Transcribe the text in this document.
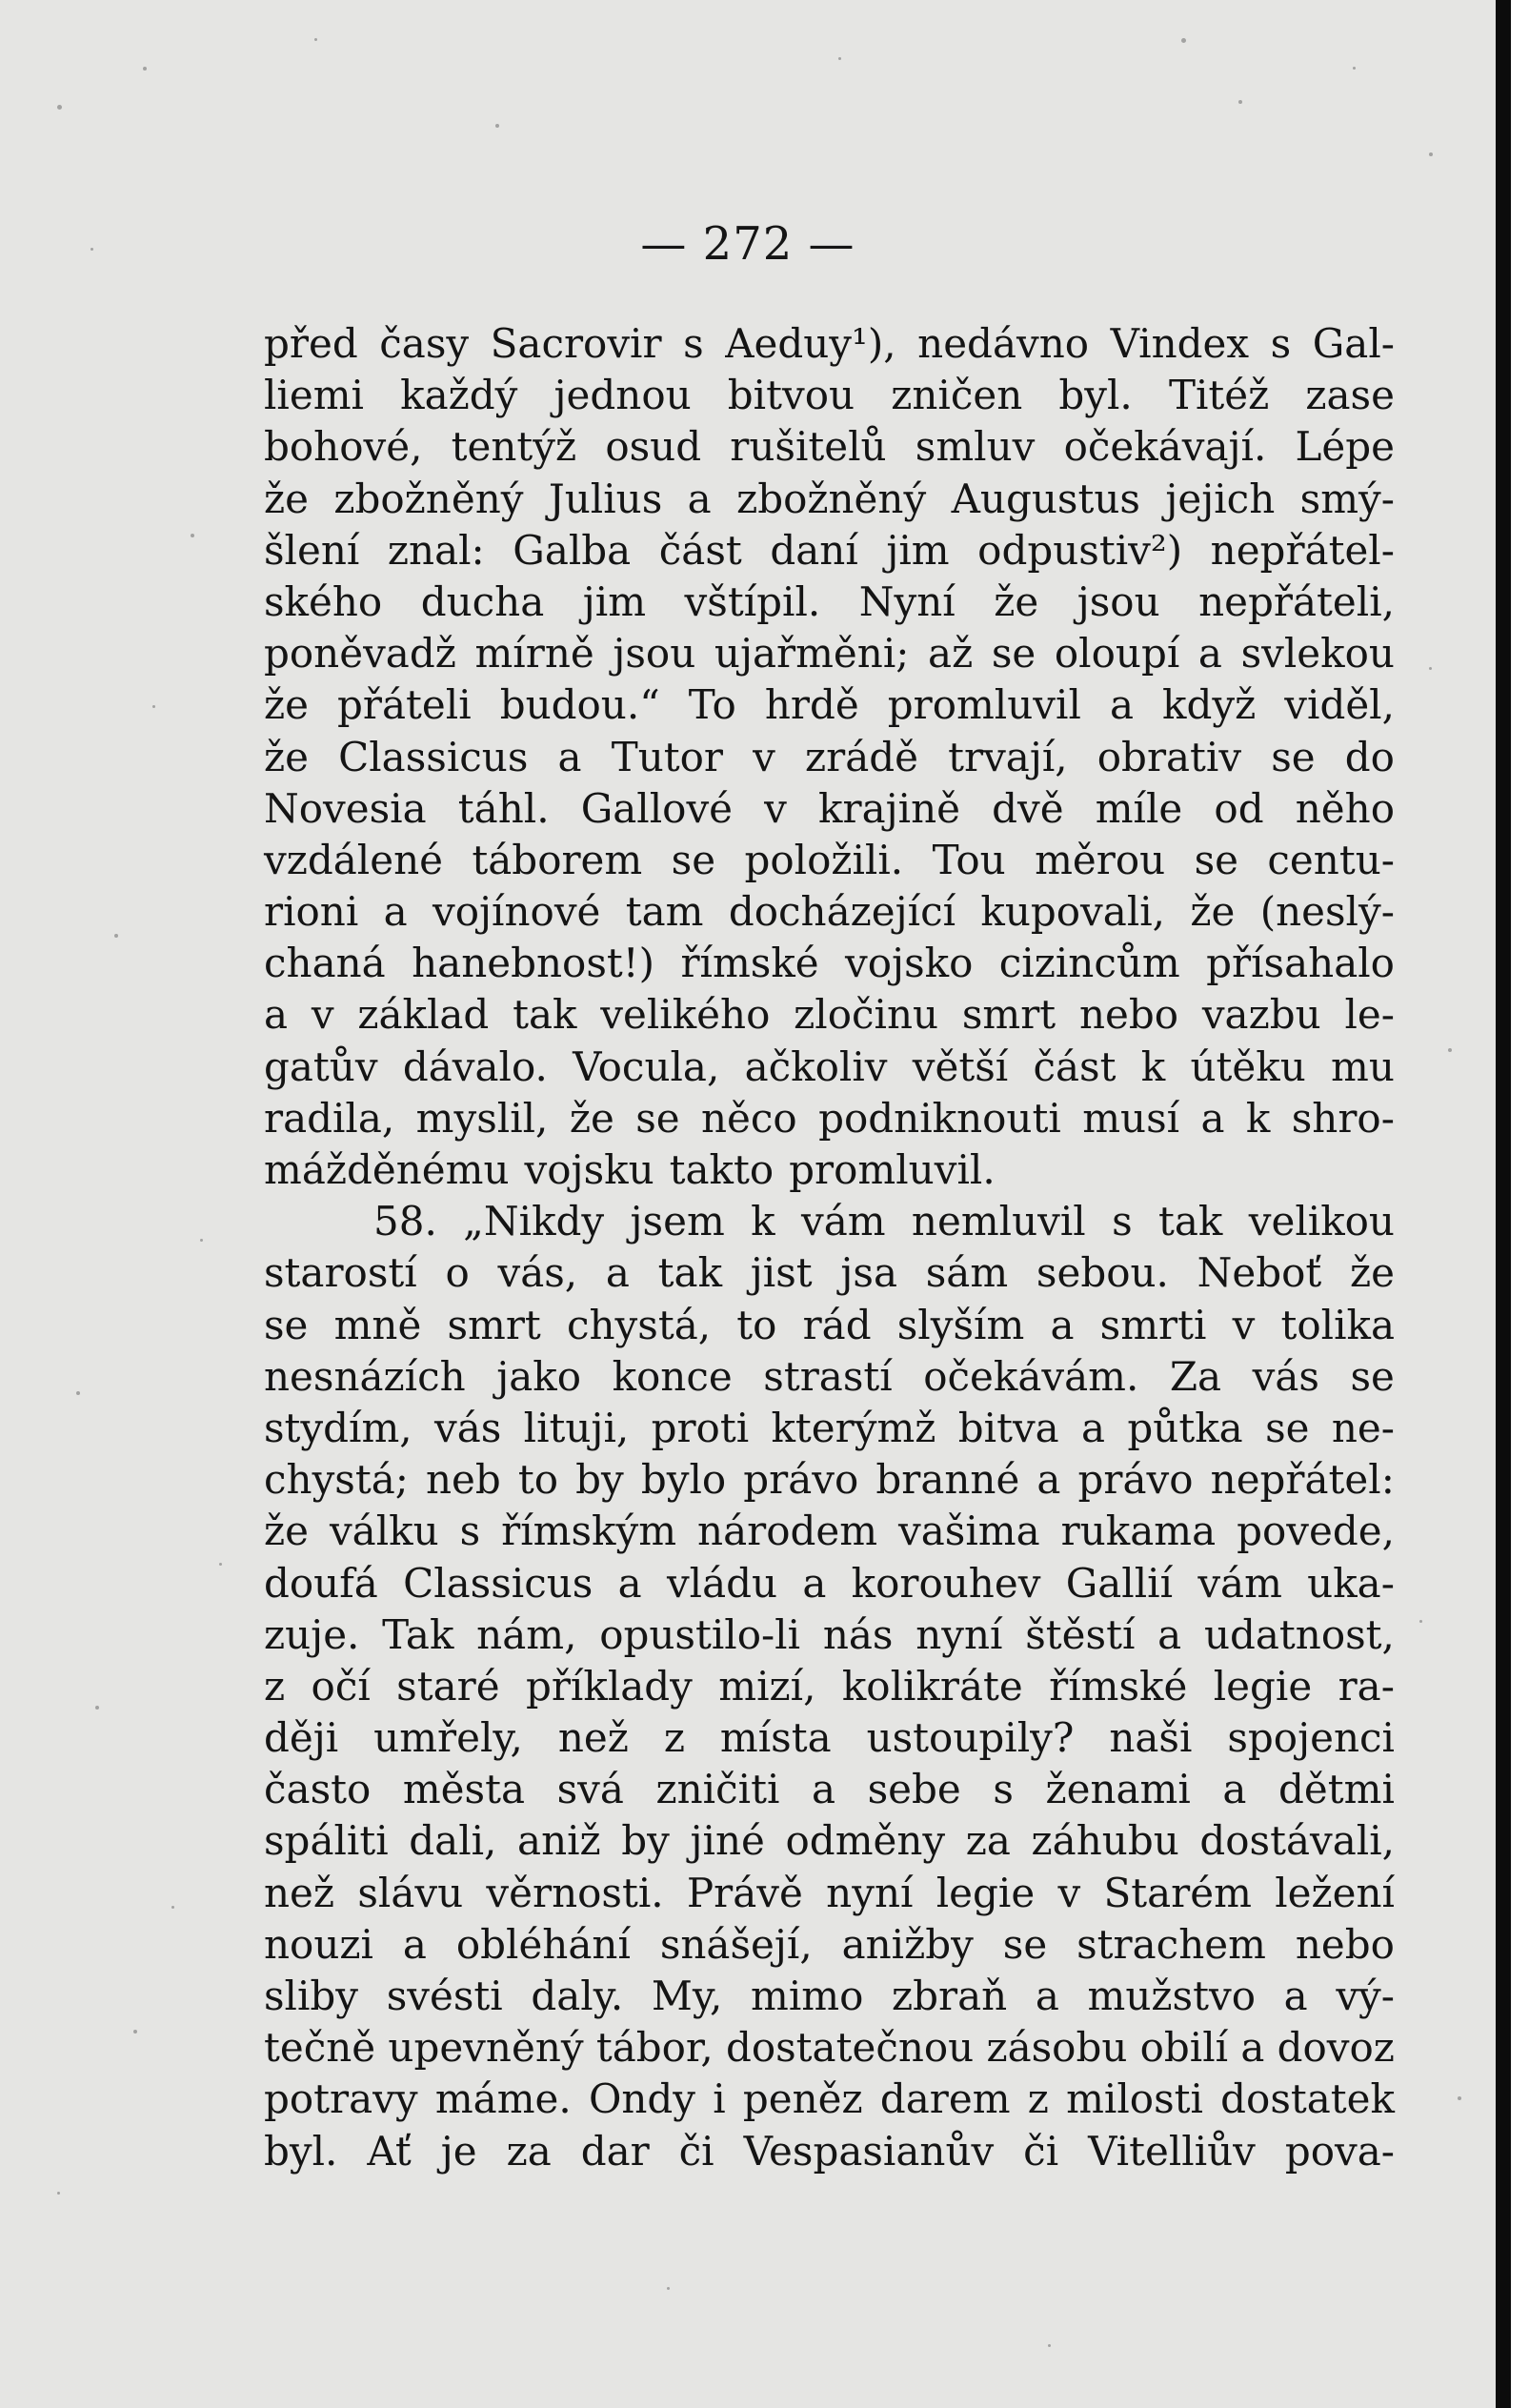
— 272 —
před časy Sacrovir s Aeduy¹), nedávno Vindex s Gal-
liemi každý jednou bitvou zničen byl. Titéž zase
bohové, tentýž osud rušitelů smluv očekávají. Lépe
že zbožněný Julius a zbožněný Augustus jejich smý-
šlení znal: Galba část daní jim odpustiv²) nepřátel-
ského ducha jim vštípil. Nyní že jsou nepřáteli,
poněvadž mírně jsou ujařměni; až se oloupí a svlekou
že přáteli budou.“ To hrdě promluvil a když viděl,
že Classicus a Tutor v zrádě trvají, obrativ se do
Novesia táhl. Gallové v krajině dvě míle od něho
vzdálené táborem se položili. Tou měrou se centu-
rioni a vojínové tam docházející kupovali, že (neslý-
chaná hanebnost!) římské vojsko cizincům přísahalo
a v základ tak velikého zločinu smrt nebo vazbu le-
gatův dávalo. Vocula, ačkoliv větší část k útěku mu
radila, myslil, že se něco podniknouti musí a k shro-
mážděnému vojsku takto promluvil.
58. „Nikdy jsem k vám nemluvil s tak velikou
starostí o vás, a tak jist jsa sám sebou. Neboť že
se mně smrt chystá, to rád slyším a smrti v tolika
nesnázích jako konce strastí očekávám. Za vás se
stydím, vás lituji, proti kterýmž bitva a půtka se ne-
chystá; neb to by bylo právo branné a právo nepřátel:
že válku s římským národem vašima rukama povede,
doufá Classicus a vládu a korouhev Gallií vám uka-
zuje. Tak nám, opustilo-li nás nyní štěstí a udatnost,
z očí staré příklady mizí, kolikráte římské legie ra-
ději umřely, než z místa ustoupily? naši spojenci
často města svá zničiti a sebe s ženami a dětmi
spáliti dali, aniž by jiné odměny za záhubu dostávali,
než slávu věrnosti. Právě nyní legie v Starém ležení
nouzi a obléhání snášejí, anižby se strachem nebo
sliby svésti daly. My, mimo zbraň a mužstvo a vý-
tečně upevněný tábor, dostatečnou zásobu obilí a dovoz
potravy máme. Ondy i peněz darem z milosti dostatek
byl. Ať je za dar či Vespasianův či Vitelliův pova-
